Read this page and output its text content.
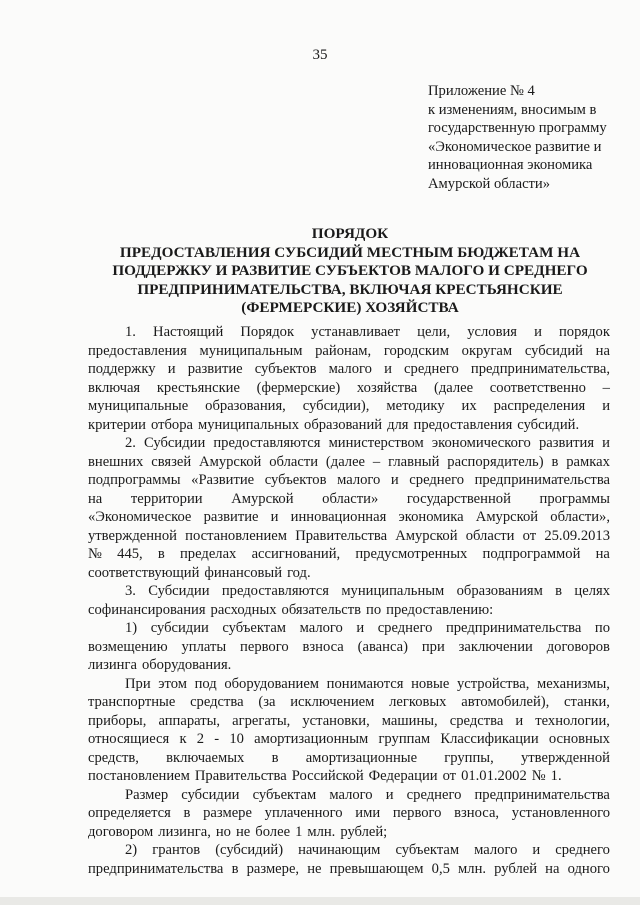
35
Приложение № 4
к изменениям, вносимым в
государственную программу
«Экономическое развитие и
инновационная экономика
Амурской области»
ПОРЯДОК
ПРЕДОСТАВЛЕНИЯ СУБСИДИЙ МЕСТНЫМ БЮДЖЕТАМ НА
ПОДДЕРЖКУ И РАЗВИТИЕ СУБЪЕКТОВ МАЛОГО И СРЕДНЕГО
ПРЕДПРИНИМАТЕЛЬСТВА, ВКЛЮЧАЯ КРЕСТЬЯНСКИЕ
(ФЕРМЕРСКИЕ) ХОЗЯЙСТВА
1. Настоящий Порядок устанавливает цели, условия и порядок
предоставления муниципальным районам, городским округам субсидий на
поддержку и развитие субъектов малого и среднего предпринимательства,
включая крестьянские (фермерские) хозяйства (далее соответственно –
муниципальные образования, субсидии), методику их распределения и
критерии отбора муниципальных образований для предоставления субсидий.
2. Субсидии предоставляются министерством экономического развития и
внешних связей Амурской области (далее – главный распорядитель) в рамках
подпрограммы «Развитие субъектов малого и среднего предпринимательства
на территории Амурской области» государственной программы
«Экономическое развитие и инновационная экономика Амурской области»,
утвержденной постановлением Правительства Амурской области от 25.09.2013
№ 445, в пределах ассигнований, предусмотренных подпрограммой на
соответствующий финансовый год.
3. Субсидии предоставляются муниципальным образованиям в целях
софинансирования расходных обязательств по предоставлению:
1) субсидии субъектам малого и среднего предпринимательства по
возмещению уплаты первого взноса (аванса) при заключении договоров
лизинга оборудования.
При этом под оборудованием понимаются новые устройства, механизмы,
транспортные средства (за исключением легковых автомобилей), станки,
приборы, аппараты, агрегаты, установки, машины, средства и технологии,
относящиеся к 2 - 10 амортизационным группам Классификации основных
средств, включаемых в амортизационные группы, утвержденной
постановлением Правительства Российской Федерации от 01.01.2002 № 1.
Размер субсидии субъектам малого и среднего предпринимательства
определяется в размере уплаченного ими первого взноса, установленного
договором лизинга, но не более 1 млн. рублей;
2) грантов (субсидий) начинающим субъектам малого и среднего
предпринимательства в размере, не превышающем 0,5 млн. рублей на одного
